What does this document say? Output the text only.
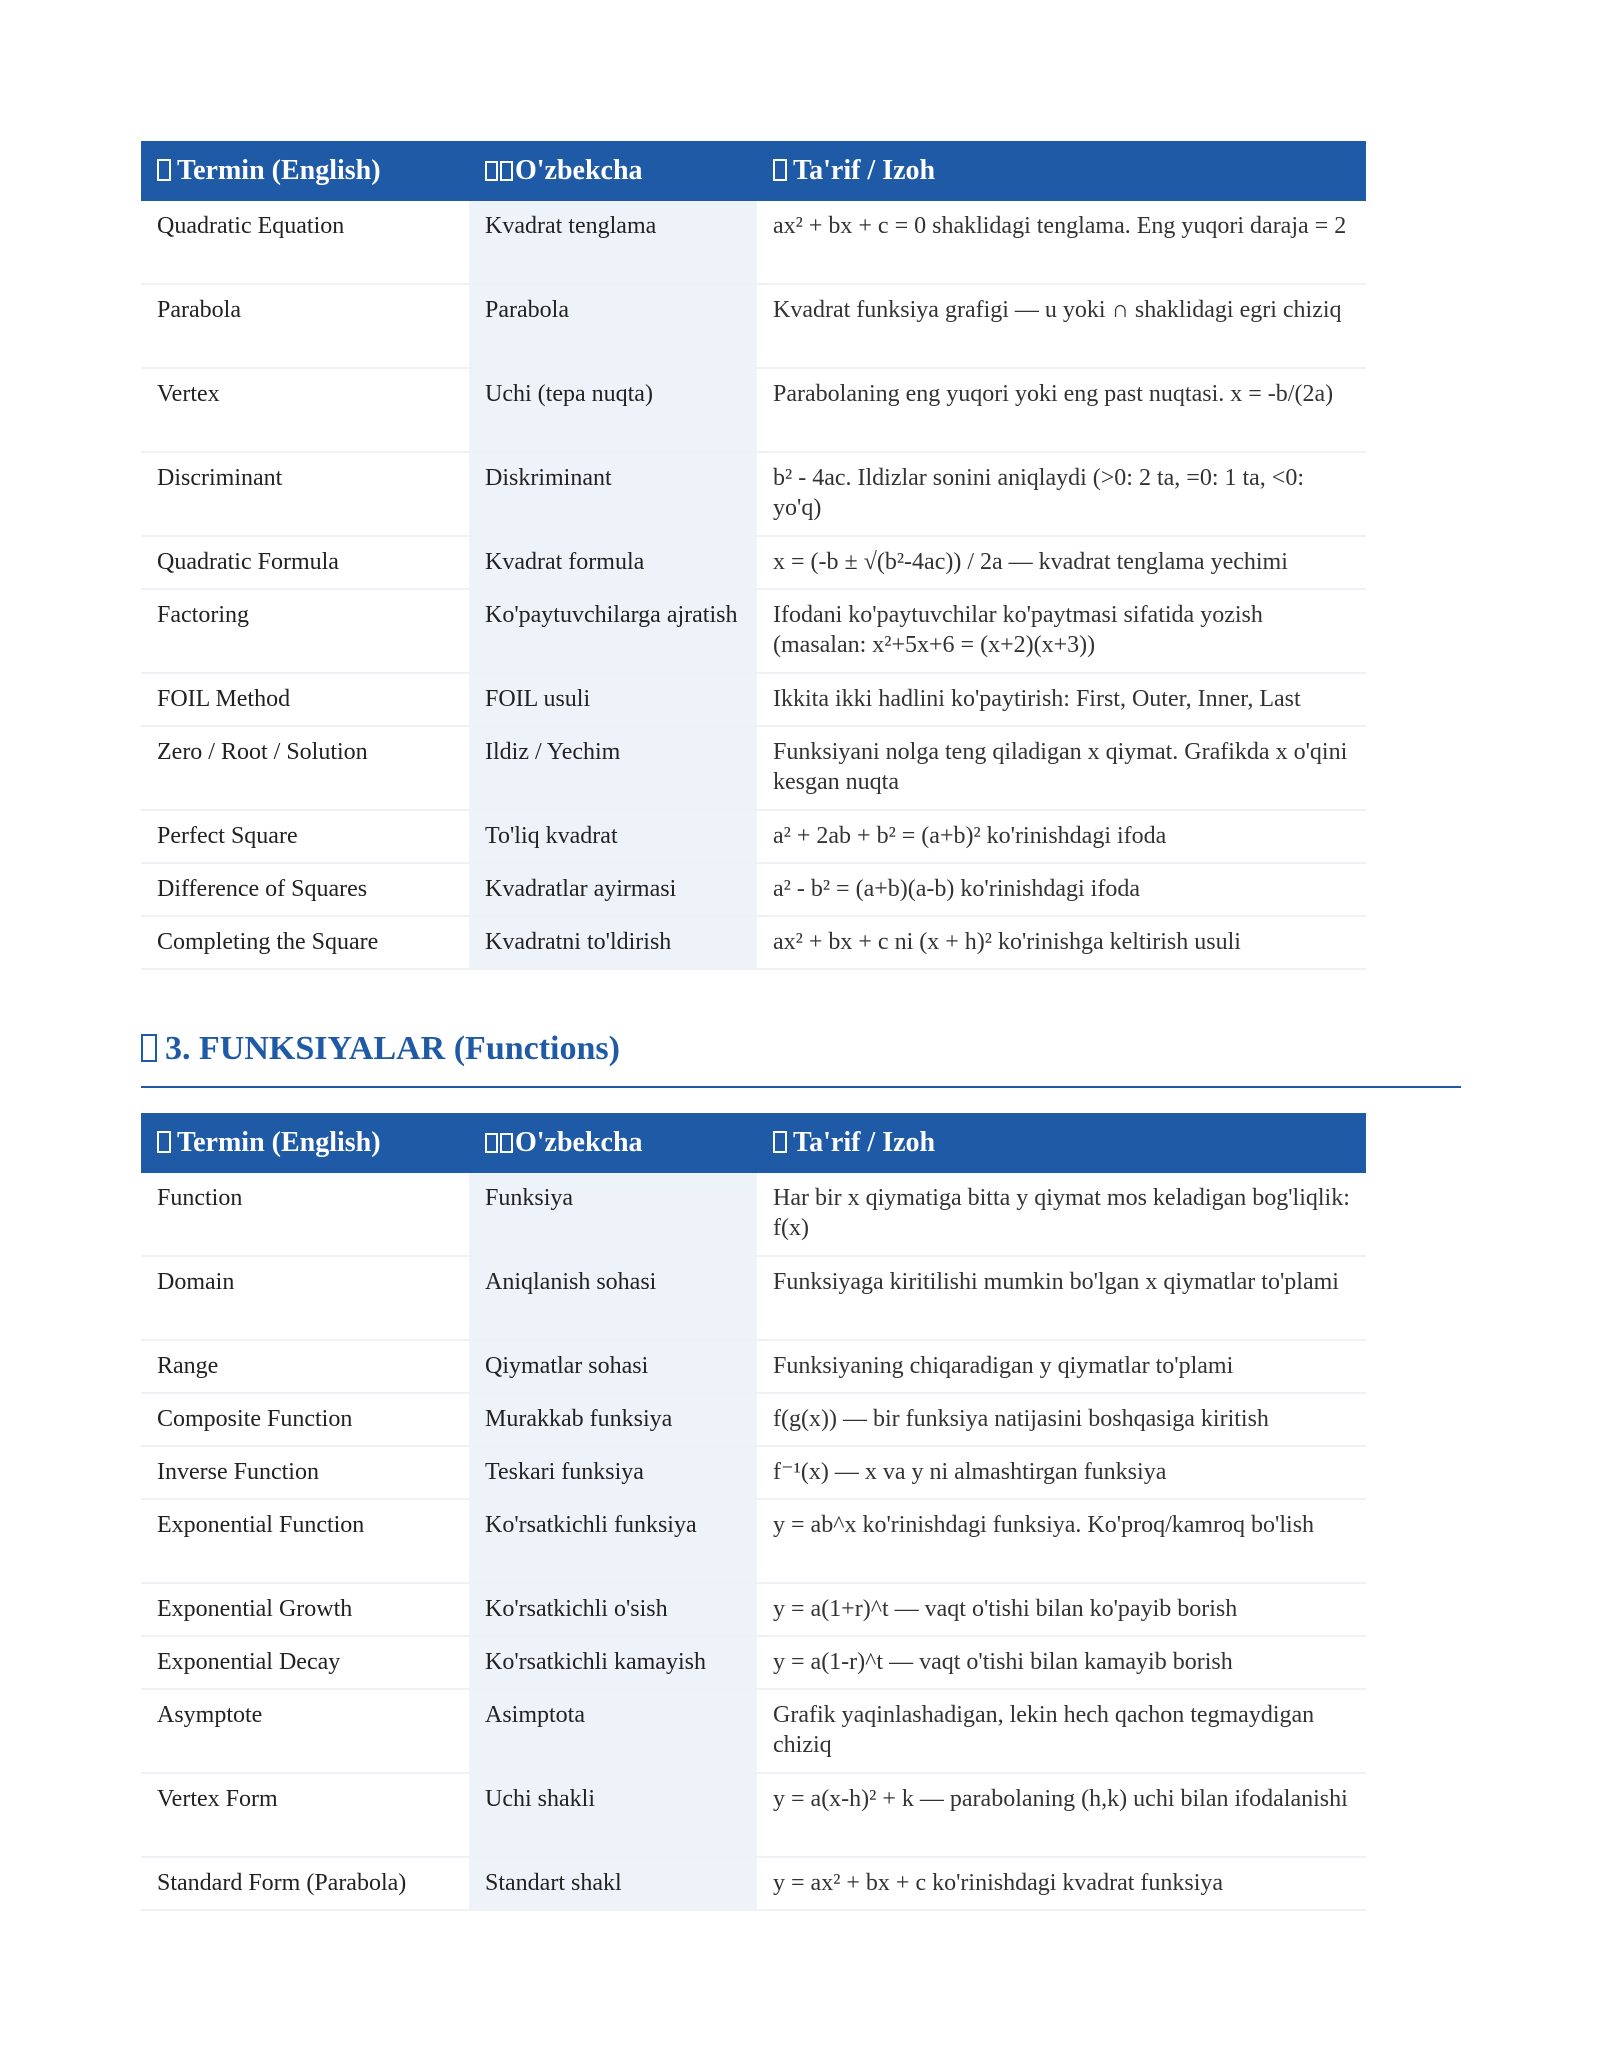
Termin (English)	O'zbekcha	Ta'rif / Izoh
Quadratic Equation	Kvadrat tenglama	ax² + bx + c = 0 shaklidagi tenglama. Eng yuqori daraja = 2
Parabola	Parabola	Kvadrat funksiya grafigi — u yoki ∩ shaklidagi egri chiziq
Vertex	Uchi (tepa nuqta)	Parabolaning eng yuqori yoki eng past nuqtasi. x = -b/(2a)
Discriminant	Diskriminant	b² - 4ac. Ildizlar sonini aniqlaydi (>0: 2 ta, =0: 1 ta, <0: yo'q)
Quadratic Formula	Kvadrat formula	x = (-b ± √(b²-4ac)) / 2a — kvadrat tenglama yechimi
Factoring	Ko'paytuvchilarga ajratish	Ifodani ko'paytuvchilar ko'paytmasi sifatida yozish (masalan: x²+5x+6 = (x+2)(x+3))
FOIL Method	FOIL usuli	Ikkita ikki hadlini ko'paytirish: First, Outer, Inner, Last
Zero / Root / Solution	Ildiz / Yechim	Funksiyani nolga teng qiladigan x qiymat. Grafikda x o'qini kesgan nuqta
Perfect Square	To'liq kvadrat	a² + 2ab + b² = (a+b)² ko'rinishdagi ifoda
Difference of Squares	Kvadratlar ayirmasi	a² - b² = (a+b)(a-b) ko'rinishdagi ifoda
Completing the Square	Kvadratni to'ldirish	ax² + bx + c ni (x + h)² ko'rinishga keltirish usuli
3. FUNKSIYALAR (Functions)
Termin (English)	O'zbekcha	Ta'rif / Izoh
Function	Funksiya	Har bir x qiymatiga bitta y qiymat mos keladigan bog'liqlik: f(x)
Domain	Aniqlanish sohasi	Funksiyaga kiritilishi mumkin bo'lgan x qiymatlar to'plami
Range	Qiymatlar sohasi	Funksiyaning chiqaradigan y qiymatlar to'plami
Composite Function	Murakkab funksiya	f(g(x)) — bir funksiya natijasini boshqasiga kiritish
Inverse Function	Teskari funksiya	f⁻¹(x) — x va y ni almashtirgan funksiya
Exponential Function	Ko'rsatkichli funksiya	y = ab^x ko'rinishdagi funksiya. Ko'proq/kamroq bo'lish
Exponential Growth	Ko'rsatkichli o'sish	y = a(1+r)^t — vaqt o'tishi bilan ko'payib borish
Exponential Decay	Ko'rsatkichli kamayish	y = a(1-r)^t — vaqt o'tishi bilan kamayib borish
Asymptote	Asimptota	Grafik yaqinlashadigan, lekin hech qachon tegmaydigan chiziq
Vertex Form	Uchi shakli	y = a(x-h)² + k — parabolaning (h,k) uchi bilan ifodalanishi
Standard Form (Parabola)	Standart shakl	y = ax² + bx + c ko'rinishdagi kvadrat funksiya
